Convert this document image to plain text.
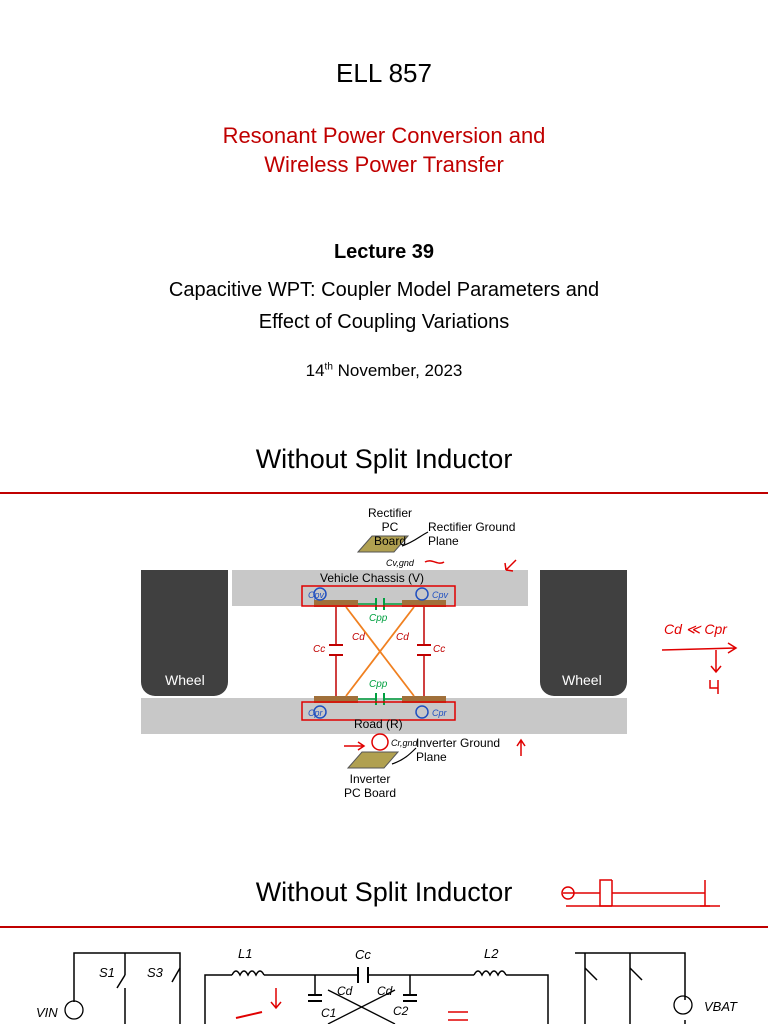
ELL 857
Resonant Power Conversion and
Wireless Power Transfer
Lecture 39
Capacitive WPT: Coupler Model Parameters and
Effect of Coupling Variations
14th November, 2023
Without Split Inductor
Wheel	Wheel
Rectifier PC Board
Rectifier Ground Plane
Cv,gnd
Vehicle Chassis (V)
Road (R)
Cr,gnd
Inverter Ground Plane
Inverter PC Board
Cpv	Cpv
Cpr	Cpr
Cpp
Cpp
Cd	Cd
Cc	Cc
Cd ≪ Cpr
Without Split Inductor
VIN
S1 S3
L1	Cc	L2
Cd Cd
C1	C2	VBAT
